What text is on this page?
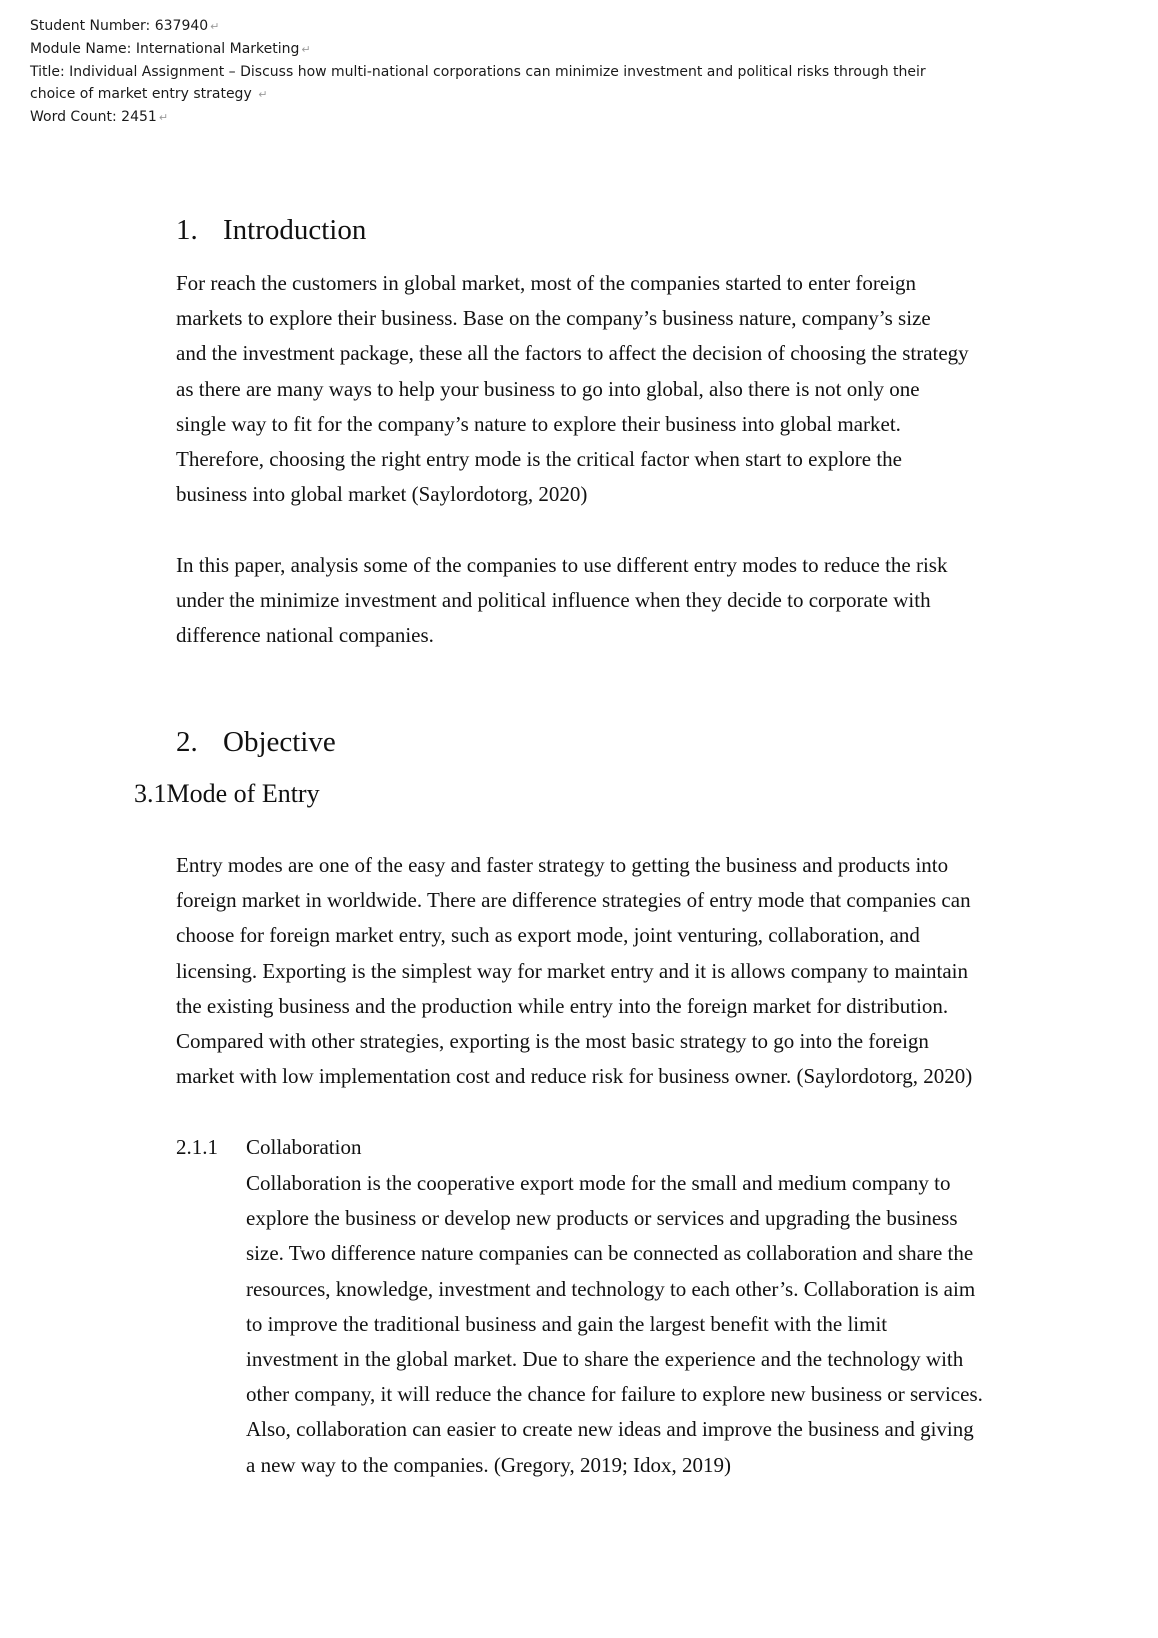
Student Number: 637940 ↵
Module Name: International Marketing ↵
Title: Individual Assignment – Discuss how multi-national corporations can minimize investment and political risks through their
choice of market entry strategy ↵
Word Count: 2451 ↵
1. Introduction
For reach the customers in global market, most of the companies started to enter foreign
markets to explore their business. Base on the company’s business nature, company’s size
and the investment package, these all the factors to affect the decision of choosing the strategy
as there are many ways to help your business to go into global, also there is not only one
single way to fit for the company’s nature to explore their business into global market.
Therefore, choosing the right entry mode is the critical factor when start to explore the
business into global market (Saylordotorg, 2020)
In this paper, analysis some of the companies to use different entry modes to reduce the risk
under the minimize investment and political influence when they decide to corporate with
difference national companies.
2. Objective
3.1Mode of Entry
Entry modes are one of the easy and faster strategy to getting the business and products into
foreign market in worldwide. There are difference strategies of entry mode that companies can
choose for foreign market entry, such as export mode, joint venturing, collaboration, and
licensing. Exporting is the simplest way for market entry and it is allows company to maintain
the existing business and the production while entry into the foreign market for distribution.
Compared with other strategies, exporting is the most basic strategy to go into the foreign
market with low implementation cost and reduce risk for business owner. (Saylordotorg, 2020)
2.1.1 Collaboration
Collaboration is the cooperative export mode for the small and medium company to
explore the business or develop new products or services and upgrading the business
size. Two difference nature companies can be connected as collaboration and share the
resources, knowledge, investment and technology to each other’s. Collaboration is aim
to improve the traditional business and gain the largest benefit with the limit
investment in the global market. Due to share the experience and the technology with
other company, it will reduce the chance for failure to explore new business or services.
Also, collaboration can easier to create new ideas and improve the business and giving
a new way to the companies. (Gregory, 2019; Idox, 2019)
